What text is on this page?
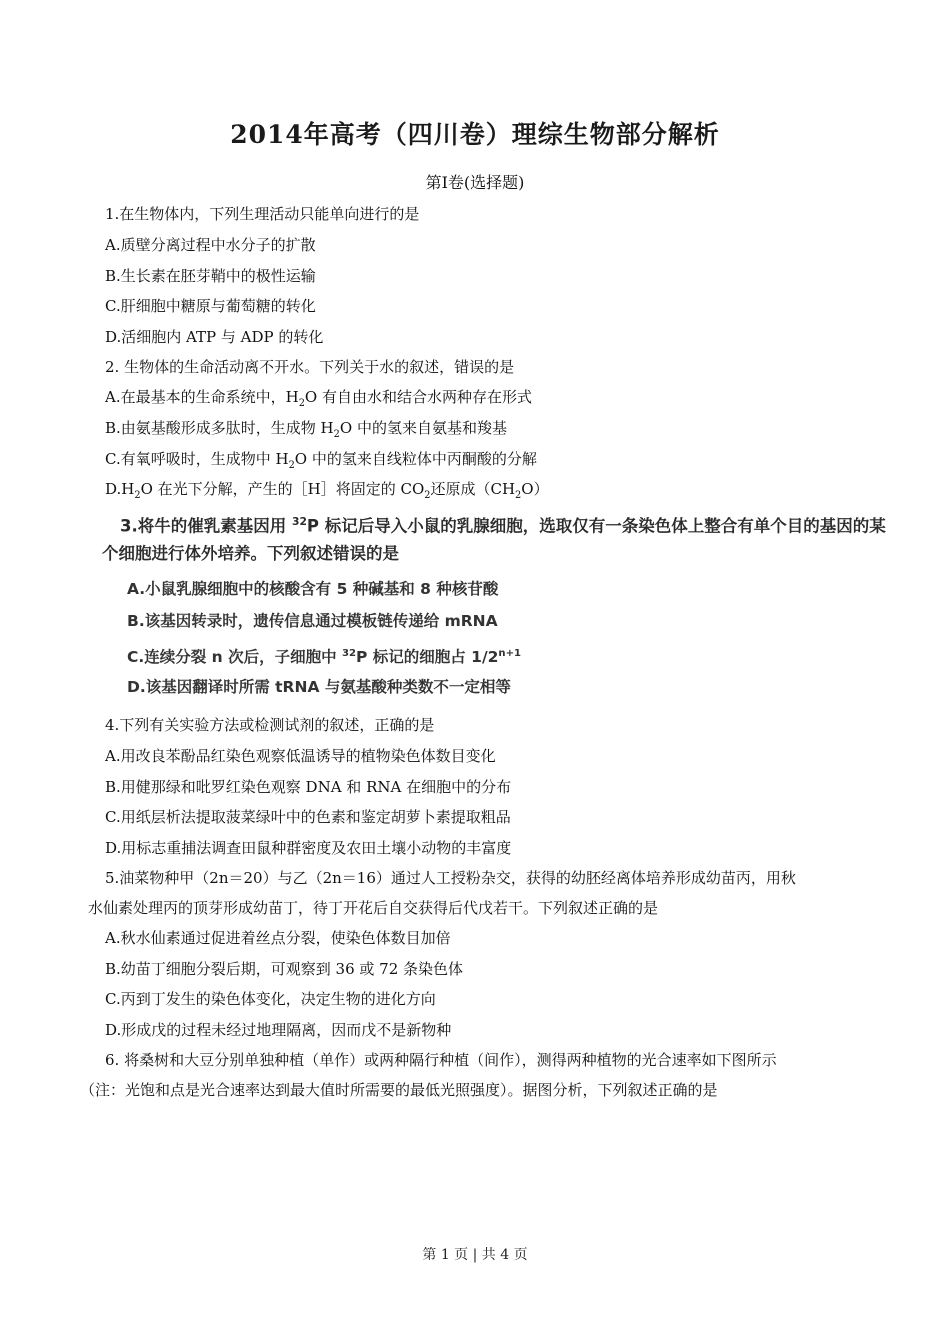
2014年高考（四川卷）理综生物部分解析
第I卷(选择题)
1.在生物体内，下列生理活动只能单向进行的是
A.质壁分离过程中水分子的扩散
B.生长素在胚芽鞘中的极性运输
C.肝细胞中糖原与葡萄糖的转化
D.活细胞内 ATP 与 ADP 的转化
2. 生物体的生命活动离不开水。下列关于水的叙述，错误的是
A.在最基本的生命系统中，$H_2O$ 有自由水和结合水两种存在形式
B.由氨基酸形成多肽时，生成物 $H_2O$ 中的氢来自氨基和羧基
C.有氧呼吸时，生成物中 $H_2O$ 中的氢来自线粒体中丙酮酸的分解
$D.H_2O$ 在光下分解，产生的［H］将固定的 $CO_2$还原成$(CH_2O)$
3.将牛的催乳素基因用 $^{32}$P 标记后导入小鼠的乳腺细胞，选取仅有一条染色体上整合有单个目的基因的某
个细胞进行体外培养。下列叙述错误的是
A.小鼠乳腺细胞中的核酸含有 5 种碱基和 8 种核苷酸
B.该基因转录时，遗传信息通过模板链传递给 mRNA
C.连续分裂 n 次后，子细胞中 $^{32}$P 标记的细胞占 $1/2^{n+1}$
D.该基因翻译时所需 tRNA 与氨基酸种类数不一定相等
4.下列有关实验方法或检测试剂的叙述，正确的是
A.用改良苯酚品红染色观察低温诱导的植物染色体数目变化
B.用健那绿和吡罗红染色观察 DNA 和 RNA 在细胞中的分布
C.用纸层析法提取菠菜绿叶中的色素和鉴定胡萝卜素提取粗品
D.用标志重捕法调查田鼠种群密度及农田土壤小动物的丰富度
5.油菜物种甲（2n＝20）与乙（2n＝16）通过人工授粉杂交，获得的幼胚经离体培养形成幼苗丙，用秋
水仙素处理丙的顶芽形成幼苗丁，待丁开花后自交获得后代戊若干。下列叙述正确的是
A.秋水仙素通过促进着丝点分裂，使染色体数目加倍
B.幼苗丁细胞分裂后期，可观察到 36 或 72 条染色体
C.丙到丁发生的染色体变化，决定生物的进化方向
D.形成戊的过程未经过地理隔离，因而戊不是新物种
6. 将桑树和大豆分别单独种植（单作）或两种隔行种植（间作），测得两种植物的光合速率如下图所示
（注：光饱和点是光合速率达到最大值时所需要的最低光照强度）。据图分析，下列叙述正确的是
第 1 页 | 共 4 页
